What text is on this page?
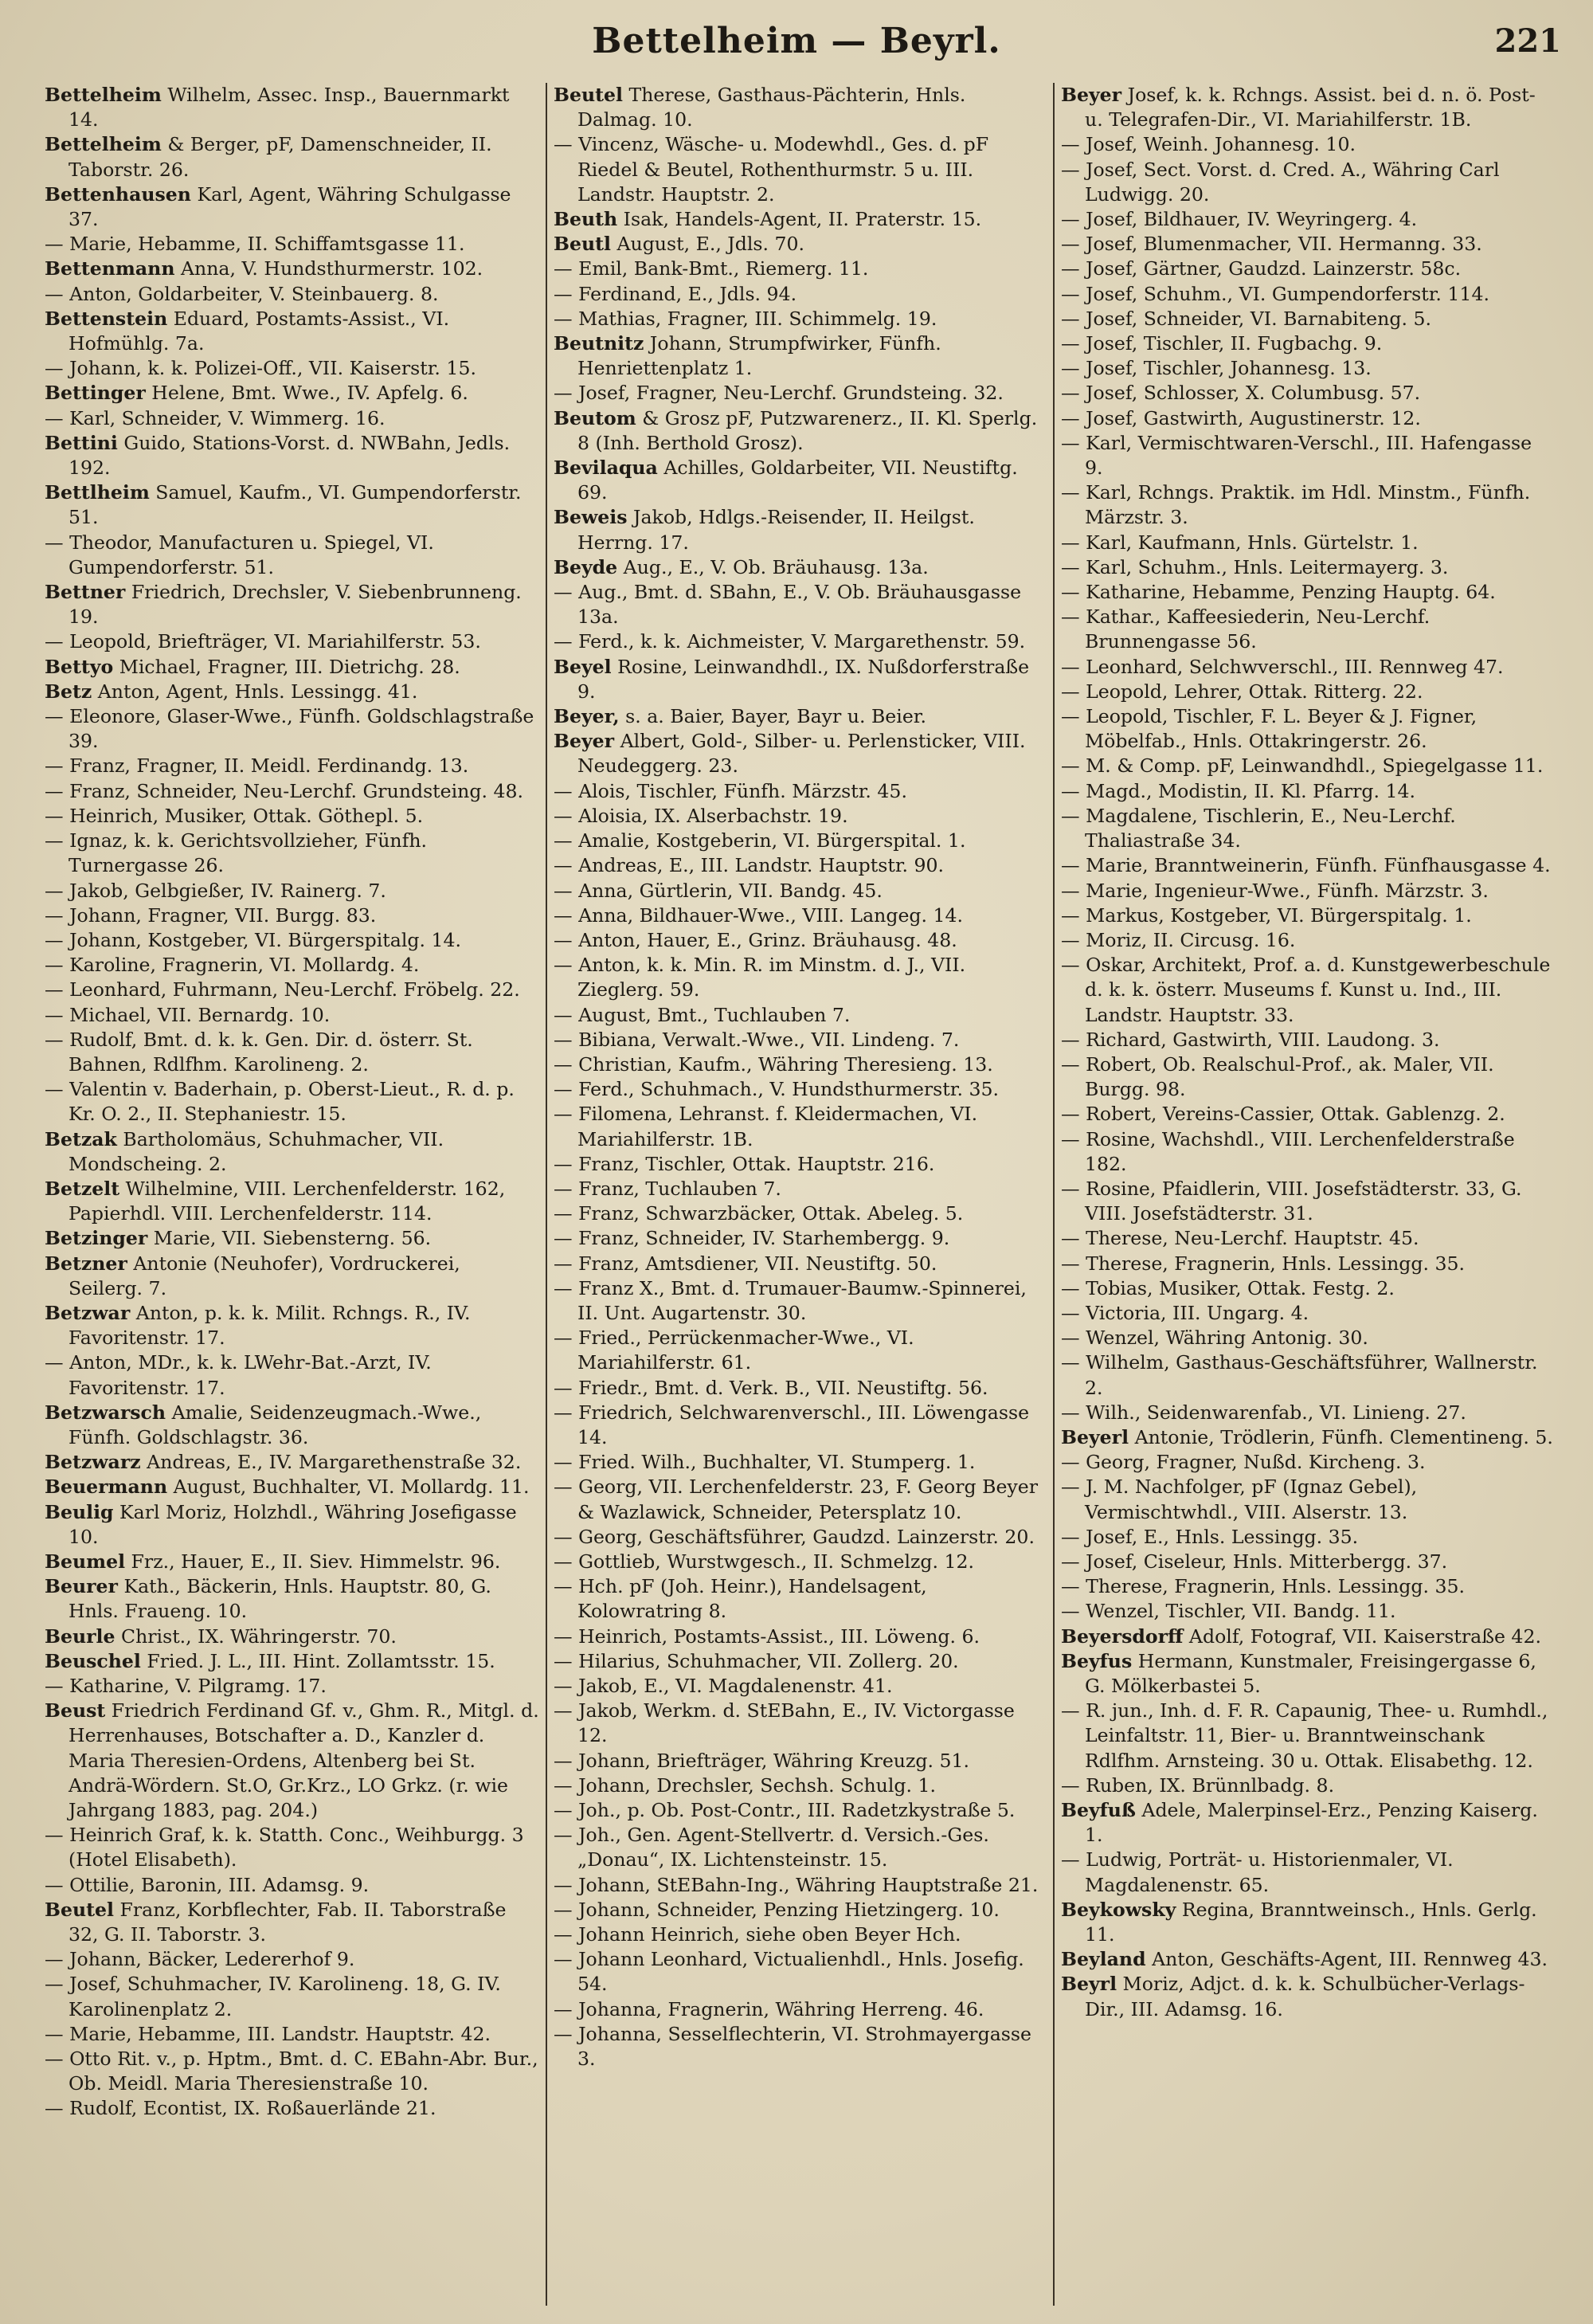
Bettelheim — Beyrl.	221
Bettelheim Wilhelm, Assec. Insp., Bauernmarkt 14.
Bettelheim & Berger, pF, Damenschneider, II. Taborstr. 26.
Bettenhausen Karl, Agent, Währing Schulgasse 37.
— Marie, Hebamme, II. Schiffamtsgasse 11.
Bettenmann Anna, V. Hundsthurmerstr. 102.
— Anton, Goldarbeiter, V. Steinbauerg. 8.
Bettenstein Eduard, Postamts-Assist., VI. Hofmühlg. 7a.
— Johann, k. k. Polizei-Off., VII. Kaiserstr. 15.
Bettinger Helene, Bmt. Wwe., IV. Apfelg. 6.
— Karl, Schneider, V. Wimmerg. 16.
Bettini Guido, Stations-Vorst. d. NWBahn, Jedls. 192.
Bettlheim Samuel, Kaufm., VI. Gumpendorferstr. 51.
— Theodor, Manufacturen u. Spiegel, VI. Gumpendorferstr. 51.
Bettner Friedrich, Drechsler, V. Siebenbrunneng. 19.
— Leopold, Briefträger, VI. Mariahilferstr. 53.
Bettyo Michael, Fragner, III. Dietrichg. 28.
Betz Anton, Agent, Hnls. Lessingg. 41.
— Eleonore, Glaser-Wwe., Fünfh. Goldschlagstraße 39.
— Franz, Fragner, II. Meidl. Ferdinandg. 13.
— Franz, Schneider, Neu-Lerchf. Grundsteing. 48.
— Heinrich, Musiker, Ottak. Göthepl. 5.
— Ignaz, k. k. Gerichtsvollzieher, Fünfh. Turnergasse 26.
— Jakob, Gelbgießer, IV. Rainerg. 7.
— Johann, Fragner, VII. Burgg. 83.
— Johann, Kostgeber, VI. Bürgerspitalg. 14.
— Karoline, Fragnerin, VI. Mollardg. 4.
— Leonhard, Fuhrmann, Neu-Lerchf. Fröbelg. 22.
— Michael, VII. Bernardg. 10.
— Rudolf, Bmt. d. k. k. Gen. Dir. d. österr. St. Bahnen, Rdlfhm. Karolineng. 2.
— Valentin v. Baderhain, p. Oberst-Lieut., R. d. p. Kr. O. 2., II. Stephaniestr. 15.
Betzak Bartholomäus, Schuhmacher, VII. Mondscheing. 2.
Betzelt Wilhelmine, VIII. Lerchenfelderstr. 162, Papierhdl. VIII. Lerchenfelderstr. 114.
Betzinger Marie, VII. Siebensterng. 56.
Betzner Antonie (Neuhofer), Vordruckerei, Seilerg. 7.
Betzwar Anton, p. k. k. Milit. Rchngs. R., IV. Favoritenstr. 17.
— Anton, MDr., k. k. LWehr-Bat.-Arzt, IV. Favoritenstr. 17.
Betzwarsch Amalie, Seidenzeugmach.-Wwe., Fünfh. Goldschlagstr. 36.
Betzwarz Andreas, E., IV. Margarethenstraße 32.
Beuermann August, Buchhalter, VI. Mollardg. 11.
Beulig Karl Moriz, Holzhdl., Währing Josefigasse 10.
Beumel Frz., Hauer, E., II. Siev. Himmelstr. 96.
Beurer Kath., Bäckerin, Hnls. Hauptstr. 80, G. Hnls. Fraueng. 10.
Beurle Christ., IX. Währingerstr. 70.
Beuschel Fried. J. L., III. Hint. Zollamtsstr. 15.
— Katharine, V. Pilgramg. 17.
Beust Friedrich Ferdinand Gf. v., Ghm. R., Mitgl. d. Herrenhauses, Botschafter a. D., Kanzler d. Maria Theresien-Ordens, Altenberg bei St. Andrä-Wördern. St.O, Gr.Krz., LO Grkz. (r. wie Jahrgang 1883, pag. 204.)
— Heinrich Graf, k. k. Statth. Conc., Weihburgg. 3 (Hotel Elisabeth).
— Ottilie, Baronin, III. Adamsg. 9.
Beutel Franz, Korbflechter, Fab. II. Taborstraße 32, G. II. Taborstr. 3.
— Johann, Bäcker, Ledererhof 9.
— Josef, Schuhmacher, IV. Karolineng. 18, G. IV. Karolinenplatz 2.
— Marie, Hebamme, III. Landstr. Hauptstr. 42.
— Otto Rit. v., p. Hptm., Bmt. d. C. EBahn-Abr. Bur., Ob. Meidl. Maria Theresienstraße 10.
— Rudolf, Econtist, IX. Roßauerlände 21.
Beutel Therese, Gasthaus-Pächterin, Hnls. Dalmag. 10.
— Vincenz, Wäsche- u. Modewhdl., Ges. d. pF Riedel & Beutel, Rothenthurmstr. 5 u. III. Landstr. Hauptstr. 2.
Beuth Isak, Handels-Agent, II. Praterstr. 15.
Beutl August, E., Jdls. 70.
— Emil, Bank-Bmt., Riemerg. 11.
— Ferdinand, E., Jdls. 94.
— Mathias, Fragner, III. Schimmelg. 19.
Beutnitz Johann, Strumpfwirker, Fünfh. Henriettenplatz 1.
— Josef, Fragner, Neu-Lerchf. Grundsteing. 32.
Beutom & Grosz pF, Putzwarenerz., II. Kl. Sperlg. 8 (Inh. Berthold Grosz).
Bevilaqua Achilles, Goldarbeiter, VII. Neustiftg. 69.
Beweis Jakob, Hdlgs.-Reisender, II. Heilgst. Herrng. 17.
Beyde Aug., E., V. Ob. Bräuhausg. 13a.
— Aug., Bmt. d. SBahn, E., V. Ob. Bräuhausgasse 13a.
— Ferd., k. k. Aichmeister, V. Margarethenstr. 59.
Beyel Rosine, Leinwandhdl., IX. Nußdorferstraße 9.
Beyer, s. a. Baier, Bayer, Bayr u. Beier.
Beyer Albert, Gold-, Silber- u. Perlensticker, VIII. Neudeggerg. 23.
— Alois, Tischler, Fünfh. Märzstr. 45.
— Aloisia, IX. Alserbachstr. 19.
— Amalie, Kostgeberin, VI. Bürgerspital. 1.
— Andreas, E., III. Landstr. Hauptstr. 90.
— Anna, Gürtlerin, VII. Bandg. 45.
— Anna, Bildhauer-Wwe., VIII. Langeg. 14.
— Anton, Hauer, E., Grinz. Bräuhausg. 48.
— Anton, k. k. Min. R. im Minstm. d. J., VII. Zieglerg. 59.
— August, Bmt., Tuchlauben 7.
— Bibiana, Verwalt.-Wwe., VII. Lindeng. 7.
— Christian, Kaufm., Währing Theresieng. 13.
— Ferd., Schuhmach., V. Hundsthurmerstr. 35.
— Filomena, Lehranst. f. Kleidermachen, VI. Mariahilferstr. 1B.
— Franz, Tischler, Ottak. Hauptstr. 216.
— Franz, Tuchlauben 7.
— Franz, Schwarzbäcker, Ottak. Abeleg. 5.
— Franz, Schneider, IV. Starhembergg. 9.
— Franz, Amtsdiener, VII. Neustiftg. 50.
— Franz X., Bmt. d. Trumauer-Baumw.-Spinnerei, II. Unt. Augartenstr. 30.
— Fried., Perrückenmacher-Wwe., VI. Mariahilferstr. 61.
— Friedr., Bmt. d. Verk. B., VII. Neustiftg. 56.
— Friedrich, Selchwarenverschl., III. Löwengasse 14.
— Fried. Wilh., Buchhalter, VI. Stumperg. 1.
— Georg, VII. Lerchenfelderstr. 23, F. Georg Beyer & Wazlawick, Schneider, Petersplatz 10.
— Georg, Geschäftsführer, Gaudzd. Lainzerstr. 20.
— Gottlieb, Wurstwgesch., II. Schmelzg. 12.
— Hch. pF (Joh. Heinr.), Handelsagent, Kolowratring 8.
— Heinrich, Postamts-Assist., III. Löweng. 6.
— Hilarius, Schuhmacher, VII. Zollerg. 20.
— Jakob, E., VI. Magdalenenstr. 41.
— Jakob, Werkm. d. StEBahn, E., IV. Victorgasse 12.
— Johann, Briefträger, Währing Kreuzg. 51.
— Johann, Drechsler, Sechsh. Schulg. 1.
— Joh., p. Ob. Post-Contr., III. Radetzkystraße 5.
— Joh., Gen. Agent-Stellvertr. d. Versich.-Ges. „Donau“, IX. Lichtensteinstr. 15.
— Johann, StEBahn-Ing., Währing Hauptstraße 21.
— Johann, Schneider, Penzing Hietzingerg. 10.
— Johann Heinrich, siehe oben Beyer Hch.
— Johann Leonhard, Victualienhdl., Hnls. Josefig. 54.
— Johanna, Fragnerin, Währing Herreng. 46.
— Johanna, Sesselflechterin, VI. Strohmayergasse 3.
Beyer Josef, k. k. Rchngs. Assist. bei d. n. ö. Post- u. Telegrafen-Dir., VI. Mariahilferstr. 1B.
— Josef, Weinh. Johannesg. 10.
— Josef, Sect. Vorst. d. Cred. A., Währing Carl Ludwigg. 20.
— Josef, Bildhauer, IV. Weyringerg. 4.
— Josef, Blumenmacher, VII. Hermanng. 33.
— Josef, Gärtner, Gaudzd. Lainzerstr. 58c.
— Josef, Schuhm., VI. Gumpendorferstr. 114.
— Josef, Schneider, VI. Barnabiteng. 5.
— Josef, Tischler, II. Fugbachg. 9.
— Josef, Tischler, Johannesg. 13.
— Josef, Schlosser, X. Columbusg. 57.
— Josef, Gastwirth, Augustinerstr. 12.
— Karl, Vermischtwaren-Verschl., III. Hafengasse 9.
— Karl, Rchngs. Praktik. im Hdl. Minstm., Fünfh. Märzstr. 3.
— Karl, Kaufmann, Hnls. Gürtelstr. 1.
— Karl, Schuhm., Hnls. Leitermayerg. 3.
— Katharine, Hebamme, Penzing Hauptg. 64.
— Kathar., Kaffeesiederin, Neu-Lerchf. Brunnengasse 56.
— Leonhard, Selchwverschl., III. Rennweg 47.
— Leopold, Lehrer, Ottak. Ritterg. 22.
— Leopold, Tischler, F. L. Beyer & J. Figner, Möbelfab., Hnls. Ottakringerstr. 26.
— M. & Comp. pF, Leinwandhdl., Spiegelgasse 11.
— Magd., Modistin, II. Kl. Pfarrg. 14.
— Magdalene, Tischlerin, E., Neu-Lerchf. Thaliastraße 34.
— Marie, Branntweinerin, Fünfh. Fünfhausgasse 4.
— Marie, Ingenieur-Wwe., Fünfh. Märzstr. 3.
— Markus, Kostgeber, VI. Bürgerspitalg. 1.
— Moriz, II. Circusg. 16.
— Oskar, Architekt, Prof. a. d. Kunstgewerbeschule d. k. k. österr. Museums f. Kunst u. Ind., III. Landstr. Hauptstr. 33.
— Richard, Gastwirth, VIII. Laudong. 3.
— Robert, Ob. Realschul-Prof., ak. Maler, VII. Burgg. 98.
— Robert, Vereins-Cassier, Ottak. Gablenzg. 2.
— Rosine, Wachshdl., VIII. Lerchenfelderstraße 182.
— Rosine, Pfaidlerin, VIII. Josefstädterstr. 33, G. VIII. Josefstädterstr. 31.
— Therese, Neu-Lerchf. Hauptstr. 45.
— Therese, Fragnerin, Hnls. Lessingg. 35.
— Tobias, Musiker, Ottak. Festg. 2.
— Victoria, III. Ungarg. 4.
— Wenzel, Währing Antonig. 30.
— Wilhelm, Gasthaus-Geschäftsführer, Wallnerstr. 2.
— Wilh., Seidenwarenfab., VI. Linieng. 27.
Beyerl Antonie, Trödlerin, Fünfh. Clementineng. 5.
— Georg, Fragner, Nußd. Kircheng. 3.
— J. M. Nachfolger, pF (Ignaz Gebel), Vermischtwhdl., VIII. Alserstr. 13.
— Josef, E., Hnls. Lessingg. 35.
— Josef, Ciseleur, Hnls. Mitterbergg. 37.
— Therese, Fragnerin, Hnls. Lessingg. 35.
— Wenzel, Tischler, VII. Bandg. 11.
Beyersdorff Adolf, Fotograf, VII. Kaiserstraße 42.
Beyfus Hermann, Kunstmaler, Freisingergasse 6, G. Mölkerbastei 5.
— R. jun., Inh. d. F. R. Capaunig, Thee- u. Rumhdl., Leinfaltstr. 11, Bier- u. Branntweinschank Rdlfhm. Arnsteing. 30 u. Ottak. Elisabethg. 12.
— Ruben, IX. Brünnlbadg. 8.
Beyfuß Adele, Malerpinsel-Erz., Penzing Kaiserg. 1.
— Ludwig, Porträt- u. Historienmaler, VI. Magdalenenstr. 65.
Beykowsky Regina, Branntweinsch., Hnls. Gerlg. 11.
Beyland Anton, Geschäfts-Agent, III. Rennweg 43.
Beyrl Moriz, Adjct. d. k. k. Schulbücher-Verlags-Dir., III. Adamsg. 16.
